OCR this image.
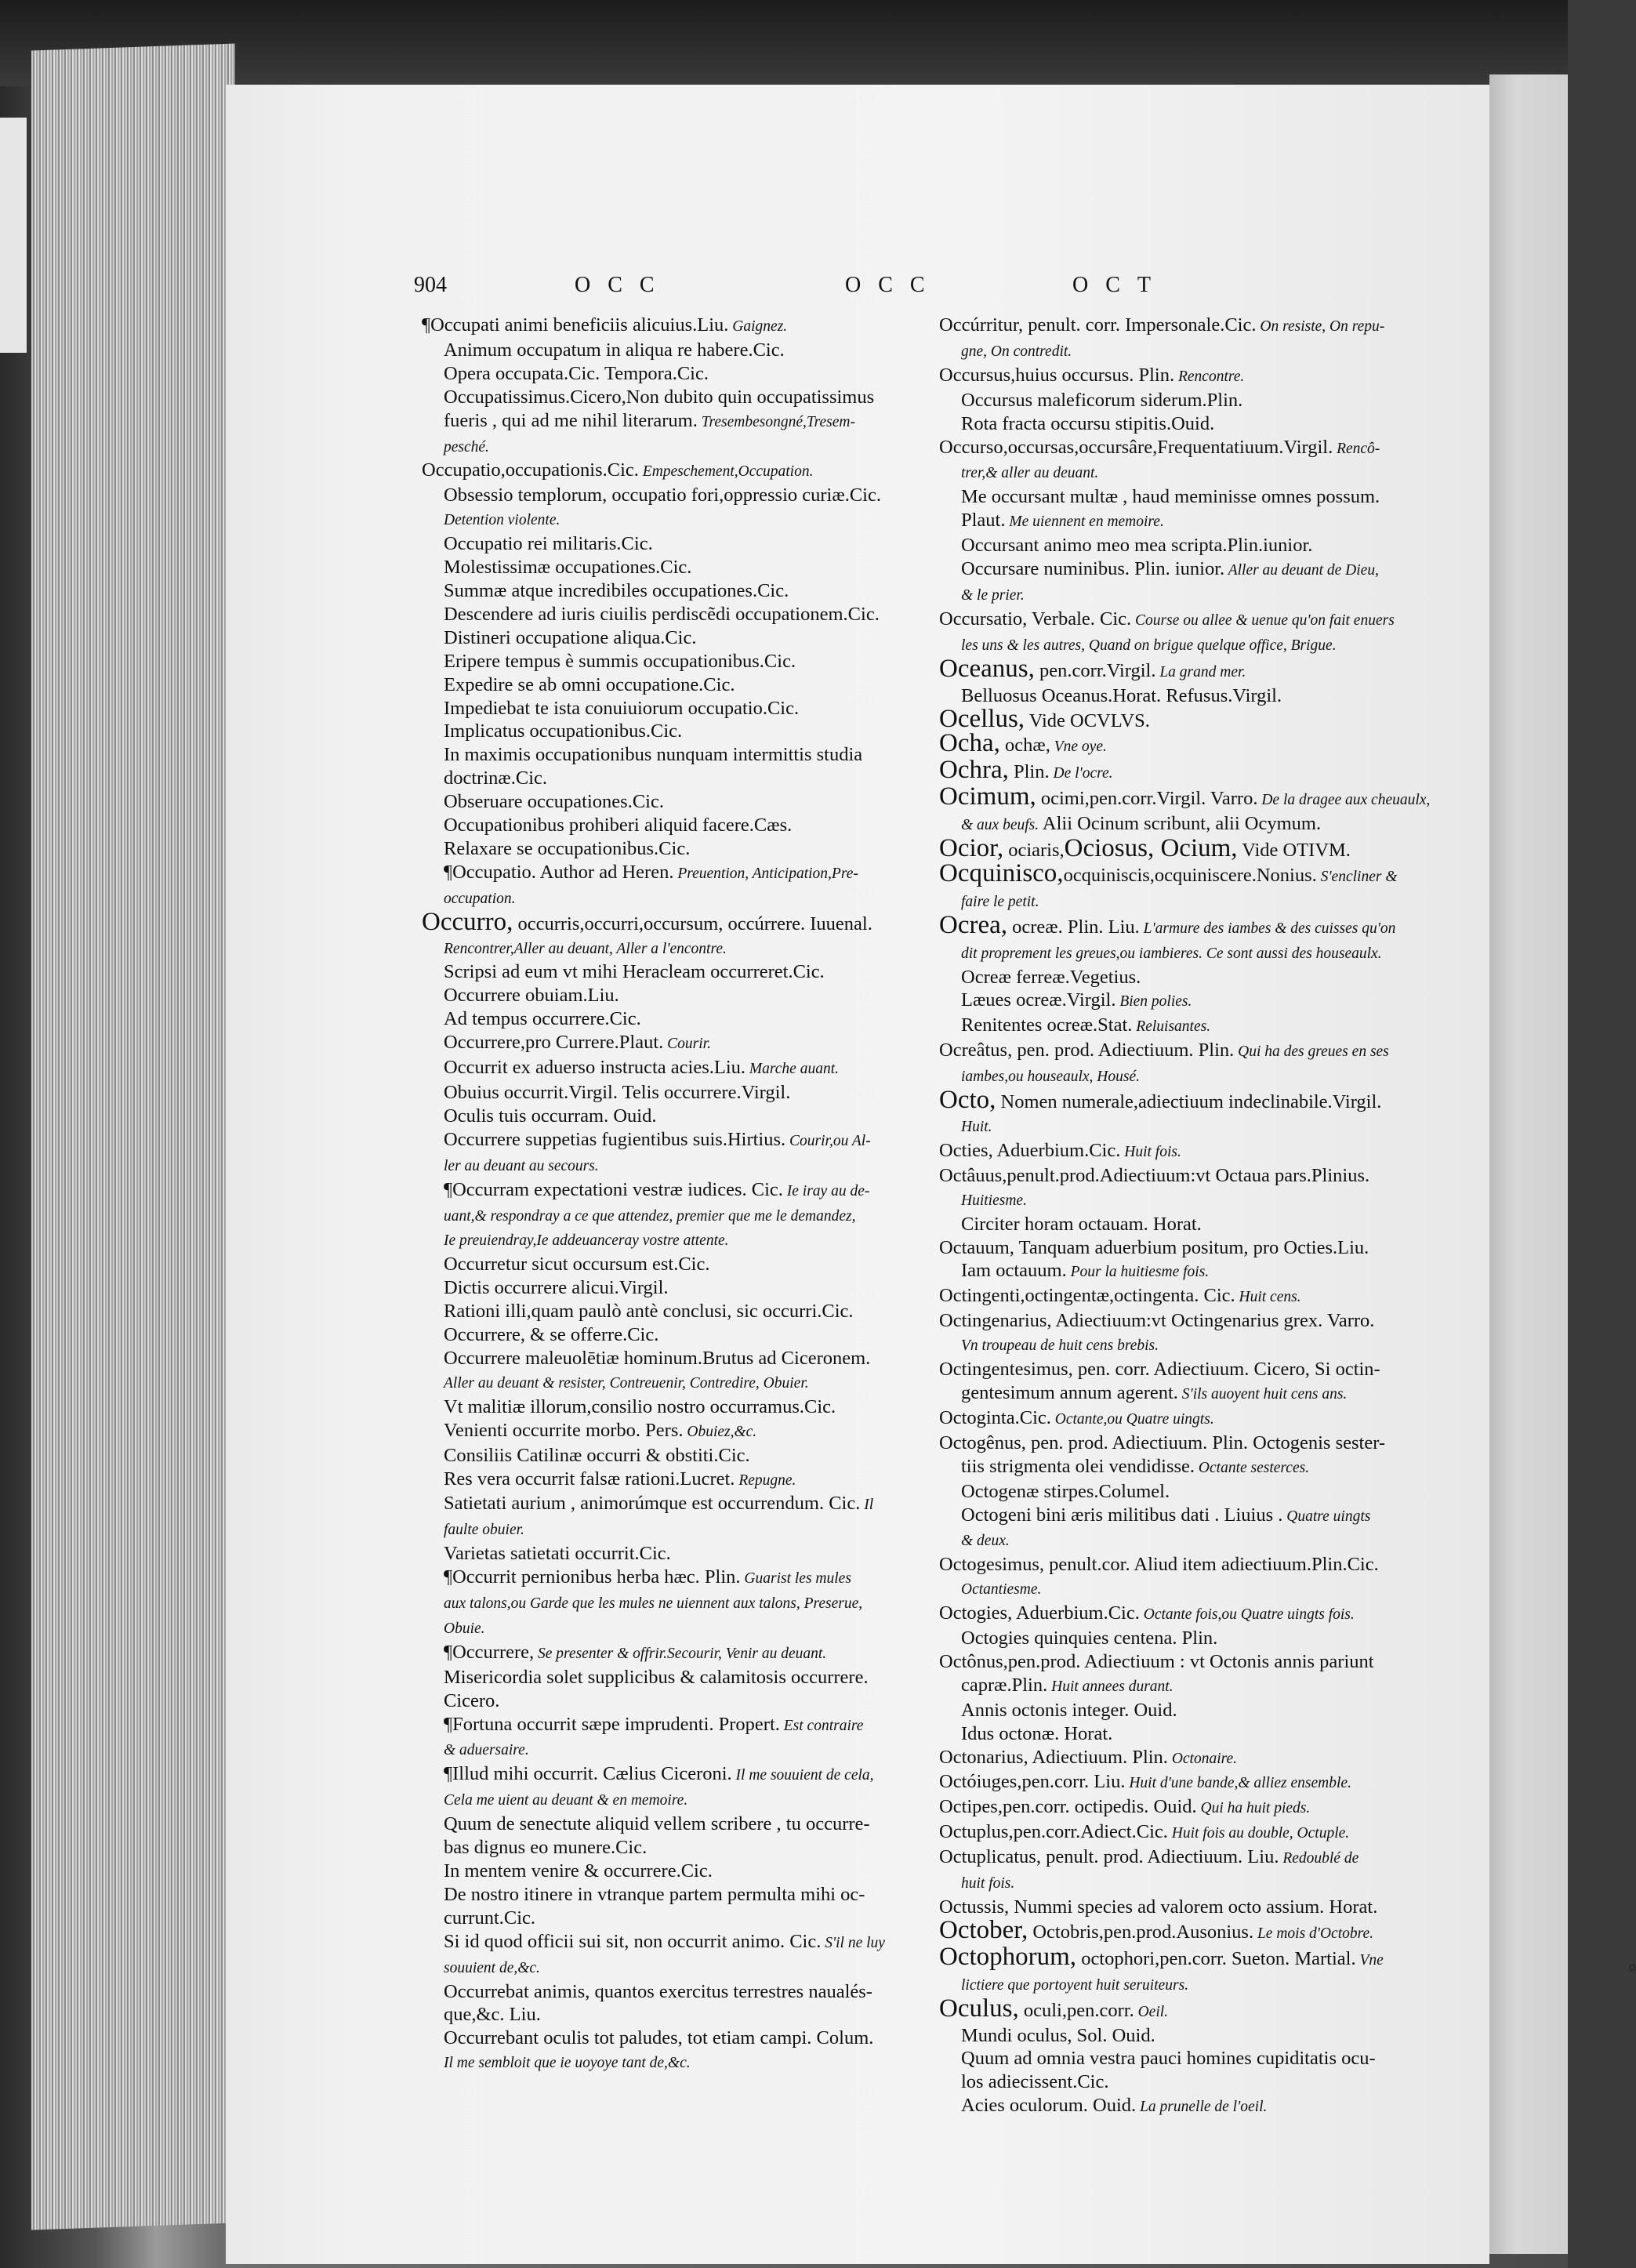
904	OCC	OCC	OCT
¶Occupati animi beneficiis alicuius.Liu. Gaignez.
Animum occupatum in aliqua re habere.Cic.
Opera occupata.Cic. Tempora.Cic.
Occupatissimus.Cicero,Non dubito quin occupatissimus
fueris , qui ad me nihil literarum. Tresembesongné,Tresem-
pesché.
Occupatio,occupationis.Cic. Empeschement,Occupation.
Obsessio templorum, occupatio fori,oppressio curiæ.Cic.
Detention violente.
Occupatio rei militaris.Cic.
Molestissimæ occupationes.Cic.
Summæ atque incredibiles occupationes.Cic.
Descendere ad iuris ciuilis perdiscẽdi occupationem.Cic.
Distineri occupatione aliqua.Cic.
Eripere tempus è summis occupationibus.Cic.
Expedire se ab omni occupatione.Cic.
Impediebat te ista conuiuiorum occupatio.Cic.
Implicatus occupationibus.Cic.
In maximis occupationibus nunquam intermittis studia
doctrinæ.Cic.
Obseruare occupationes.Cic.
Occupationibus prohiberi aliquid facere.Cæs.
Relaxare se occupationibus.Cic.
¶Occupatio. Author ad Heren. Preuention, Anticipation,Pre-
occupation.
Occurro, occurris,occurri,occursum, occúrrere. Iuuenal.
Rencontrer,Aller au deuant, Aller a l'encontre.
Scripsi ad eum vt mihi Heracleam occurreret.Cic.
Occurrere obuiam.Liu.
Ad tempus occurrere.Cic.
Occurrere,pro Currere.Plaut. Courir.
Occurrit ex aduerso instructa acies.Liu. Marche auant.
Obuius occurrit.Virgil. Telis occurrere.Virgil.
Oculis tuis occurram. Ouid.
Occurrere suppetias fugientibus suis.Hirtius. Courir,ou Al-
ler au deuant au secours.
¶Occurram expectationi vestræ iudices. Cic. Ie iray au de-
uant,& respondray a ce que attendez, premier que me le demandez,
Ie preuiendray,Ie addeuanceray vostre attente.
Occurretur sicut occursum est.Cic.
Dictis occurrere alicui.Virgil.
Rationi illi,quam paulò antè conclusi, sic occurri.Cic.
Occurrere, & se offerre.Cic.
Occurrere maleuolētiæ hominum.Brutus ad Ciceronem.
Aller au deuant & resister, Contreuenir, Contredire, Obuier.
Vt malitiæ illorum,consilio nostro occurramus.Cic.
Venienti occurrite morbo. Pers. Obuiez,&c.
Consiliis Catilinæ occurri & obstiti.Cic.
Res vera occurrit falsæ rationi.Lucret. Repugne.
Satietati aurium , animorúmque est occurrendum. Cic. Il
faulte obuier.
Varietas satietati occurrit.Cic.
¶Occurrit pernionibus herba hæc. Plin. Guarist les mules
aux talons,ou Garde que les mules ne uiennent aux talons, Preserue,
Obuie.
¶Occurrere, Se presenter & offrir.Secourir, Venir au deuant.
Misericordia solet supplicibus & calamitosis occurrere.
Cicero.
¶Fortuna occurrit sæpe imprudenti. Propert. Est contraire
& aduersaire.
¶Illud mihi occurrit. Cælius Ciceroni. Il me souuient de cela,
Cela me uient au deuant & en memoire.
Quum de senectute aliquid vellem scribere , tu occurre-
bas dignus eo munere.Cic.
In mentem venire & occurrere.Cic.
De nostro itinere in vtranque partem permulta mihi oc-
currunt.Cic.
Si id quod officii sui sit, non occurrit animo. Cic. S'il ne luy
souuient de,&c.
Occurrebat animis, quantos exercitus terrestres naualés-
que,&c. Liu.
Occurrebant oculis tot paludes, tot etiam campi. Colum.
Il me sembloit que ie uoyoye tant de,&c.
Occúrritur, penult. corr. Impersonale.Cic. On resiste, On repu-
gne, On contredit.
Occursus,huius occursus. Plin. Rencontre.
Occursus maleficorum siderum.Plin.
Rota fracta occursu stipitis.Ouid.
Occurso,occursas,occursâre,Frequentatiuum.Virgil. Rencô-
trer,& aller au deuant.
Me occursant multæ , haud meminisse omnes possum.
Plaut. Me uiennent en memoire.
Occursant animo meo mea scripta.Plin.iunior.
Occursare numinibus. Plin. iunior. Aller au deuant de Dieu,
& le prier.
Occursatio, Verbale. Cic. Course ou allee & uenue qu'on fait enuers
les uns & les autres, Quand on brigue quelque office, Brigue.
Oceanus, pen.corr.Virgil. La grand mer.
Belluosus Oceanus.Horat. Refusus.Virgil.
Ocellus, Vide OCVLVS.
Ocha, ochæ, Vne oye.
Ochra, Plin. De l'ocre.
Ocimum, ocimi,pen.corr.Virgil. Varro. De la dragee aux cheuaulx,
& aux beufs. Alii Ocinum scribunt, alii Ocymum.
Ocior, ociaris,Ociosus, Ocium, Vide OTIVM.
Ocquinisco,ocquiniscis,ocquiniscere.Nonius. S'encliner &
faire le petit.
Ocrea, ocreæ. Plin. Liu. L'armure des iambes & des cuisses qu'on
dit proprement les greues,ou iambieres. Ce sont aussi des houseaulx.
Ocreæ ferreæ.Vegetius.
Læues ocreæ.Virgil. Bien polies.
Renitentes ocreæ.Stat. Reluisantes.
Ocreâtus, pen. prod. Adiectiuum. Plin. Qui ha des greues en ses
iambes,ou houseaulx, Housé.
Octo, Nomen numerale,adiectiuum indeclinabile.Virgil.
Huit.
Octies, Aduerbium.Cic. Huit fois.
Octâuus,penult.prod.Adiectiuum:vt Octaua pars.Plinius.
Huitiesme.
Circiter horam octauam. Horat.
Octauum, Tanquam aduerbium positum, pro Octies.Liu.
Iam octauum. Pour la huitiesme fois.
Octingenti,octingentæ,octingenta. Cic. Huit cens.
Octingenarius, Adiectiuum:vt Octingenarius grex. Varro.
Vn troupeau de huit cens brebis.
Octingentesimus, pen. corr. Adiectiuum. Cicero, Si octin-
gentesimum annum agerent. S'ils auoyent huit cens ans.
Octoginta.Cic. Octante,ou Quatre uingts.
Octogênus, pen. prod. Adiectiuum. Plin. Octogenis sester-
tiis strigmenta olei vendidisse. Octante sesterces.
Octogenæ stirpes.Columel.
Octogeni bini æris militibus dati . Liuius . Quatre uingts
& deux.
Octogesimus, penult.cor. Aliud item adiectiuum.Plin.Cic.
Octantiesme.
Octogies, Aduerbium.Cic. Octante fois,ou Quatre uingts fois.
Octogies quinquies centena. Plin.
Octônus,pen.prod. Adiectiuum : vt Octonis annis pariunt
capræ.Plin. Huit annees durant.
Annis octonis integer. Ouid.
Idus octonæ. Horat.
Octonarius, Adiectiuum. Plin. Octonaire.
Octóiuges,pen.corr. Liu. Huit d'une bande,& alliez ensemble.
Octipes,pen.corr. octipedis. Ouid. Qui ha huit pieds.
Octuplus,pen.corr.Adiect.Cic. Huit fois au double, Octuple.
Octuplicatus, penult. prod. Adiectiuum. Liu. Redoublé de
huit fois.
Octussis, Nummi species ad valorem octo assium. Horat.
October, Octobris,pen.prod.Ausonius. Le mois d'Octobre.
Octophorum, octophori,pen.corr. Sueton. Martial. Vne
lictiere que portoyent huit seruiteurs.
Oculus, oculi,pen.corr. Oeil.
Mundi oculus, Sol. Ouid.
Quum ad omnia vestra pauci homines cupiditatis ocu-
los adiecissent.Cic.
Acies oculorum. Ouid. La prunelle de l'oeil.
o
